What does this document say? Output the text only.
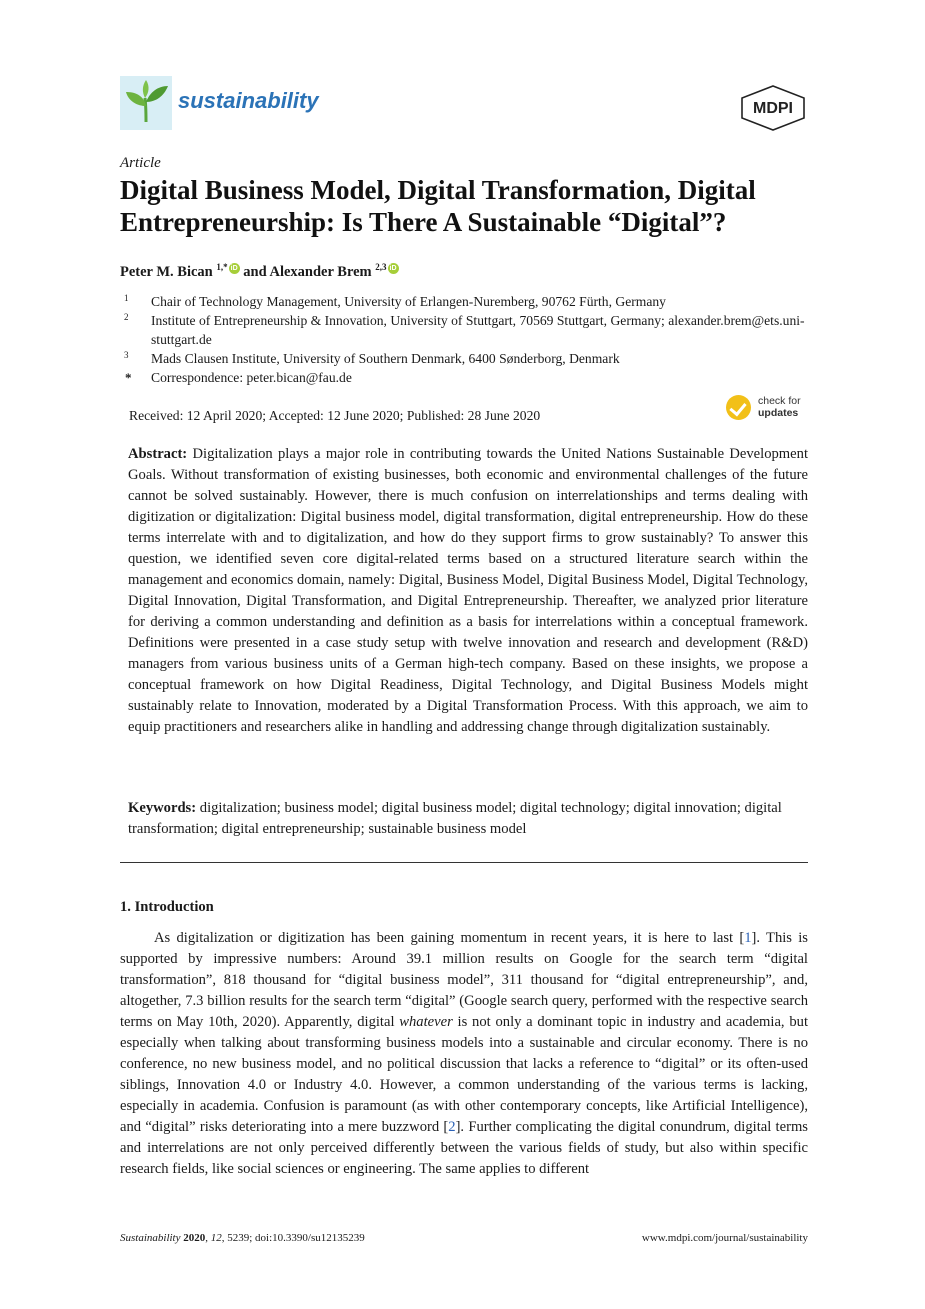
sustainability	MDPI
Article
Digital Business Model, Digital Transformation, Digital Entrepreneurship: Is There A Sustainable “Digital”?
Peter M. Bican $^{1,*}$ iD and Alexander Brem $^{2,3}$ iD
1 Chair of Technology Management, University of Erlangen-Nuremberg, 90762 Fürth, Germany
2 Institute of Entrepreneurship & Innovation, University of Stuttgart, 70569 Stuttgart, Germany; alexander.brem@ets.uni-stuttgart.de
3 Mads Clausen Institute, University of Southern Denmark, 6400 Sønderborg, Denmark
* Correspondence: peter.bican@fau.de
Received: 12 April 2020; Accepted: 12 June 2020; Published: 28 June 2020
check for
updates
Abstract: Digitalization plays a major role in contributing towards the United Nations Sustainable Development Goals. Without transformation of existing businesses, both economic and environmental challenges of the future cannot be solved sustainably. However, there is much confusion on interrelationships and terms dealing with digitization or digitalization: Digital business model, digital transformation, digital entrepreneurship. How do these terms interrelate with and to digitalization, and how do they support firms to grow sustainably? To answer this question, we identified seven core digital-related terms based on a structured literature search within the management and economics domain, namely: Digital, Business Model, Digital Business Model, Digital Technology, Digital Innovation, Digital Transformation, and Digital Entrepreneurship. Thereafter, we analyzed prior literature for deriving a common understanding and definition as a basis for interrelations within a conceptual framework. Definitions were presented in a case study setup with twelve innovation and research and development (R&D) managers from various business units of a German high-tech company. Based on these insights, we propose a conceptual framework on how Digital Readiness, Digital Technology, and Digital Business Models might sustainably relate to Innovation, moderated by a Digital Transformation Process. With this approach, we aim to equip practitioners and researchers alike in handling and addressing change through digitalization sustainably.
Keywords: digitalization; business model; digital business model; digital technology; digital innovation; digital transformation; digital entrepreneurship; sustainable business model
1. Introduction

As digitalization or digitization has been gaining momentum in recent years, it is here to last [1]. This is supported by impressive numbers: Around 39.1 million results on Google for the search term “digital transformation”, 818 thousand for “digital business model”, 311 thousand for “digital entrepreneurship”, and, altogether, 7.3 billion results for the search term “digital” (Google search query, performed with the respective search terms on May 10th, 2020). Apparently, digital whatever is not only a dominant topic in industry and academia, but especially when talking about transforming business models into a sustainable and circular economy. There is no conference, no new business model, and no political discussion that lacks a reference to “digital” or its often-used siblings, Innovation 4.0 or Industry 4.0. However, a common understanding of the various terms is lacking, especially in academia. Confusion is paramount (as with other contemporary concepts, like Artificial Intelligence), and “digital” risks deteriorating into a mere buzzword [2]. Further complicating the digital conundrum, digital terms and interrelations are not only perceived differently between the various fields of study, but also within specific research fields, like social sciences or engineering. The same applies to different

Sustainability 2020, 12, 5239; doi:10.3390/su12135239	www.mdpi.com/journal/sustainability
